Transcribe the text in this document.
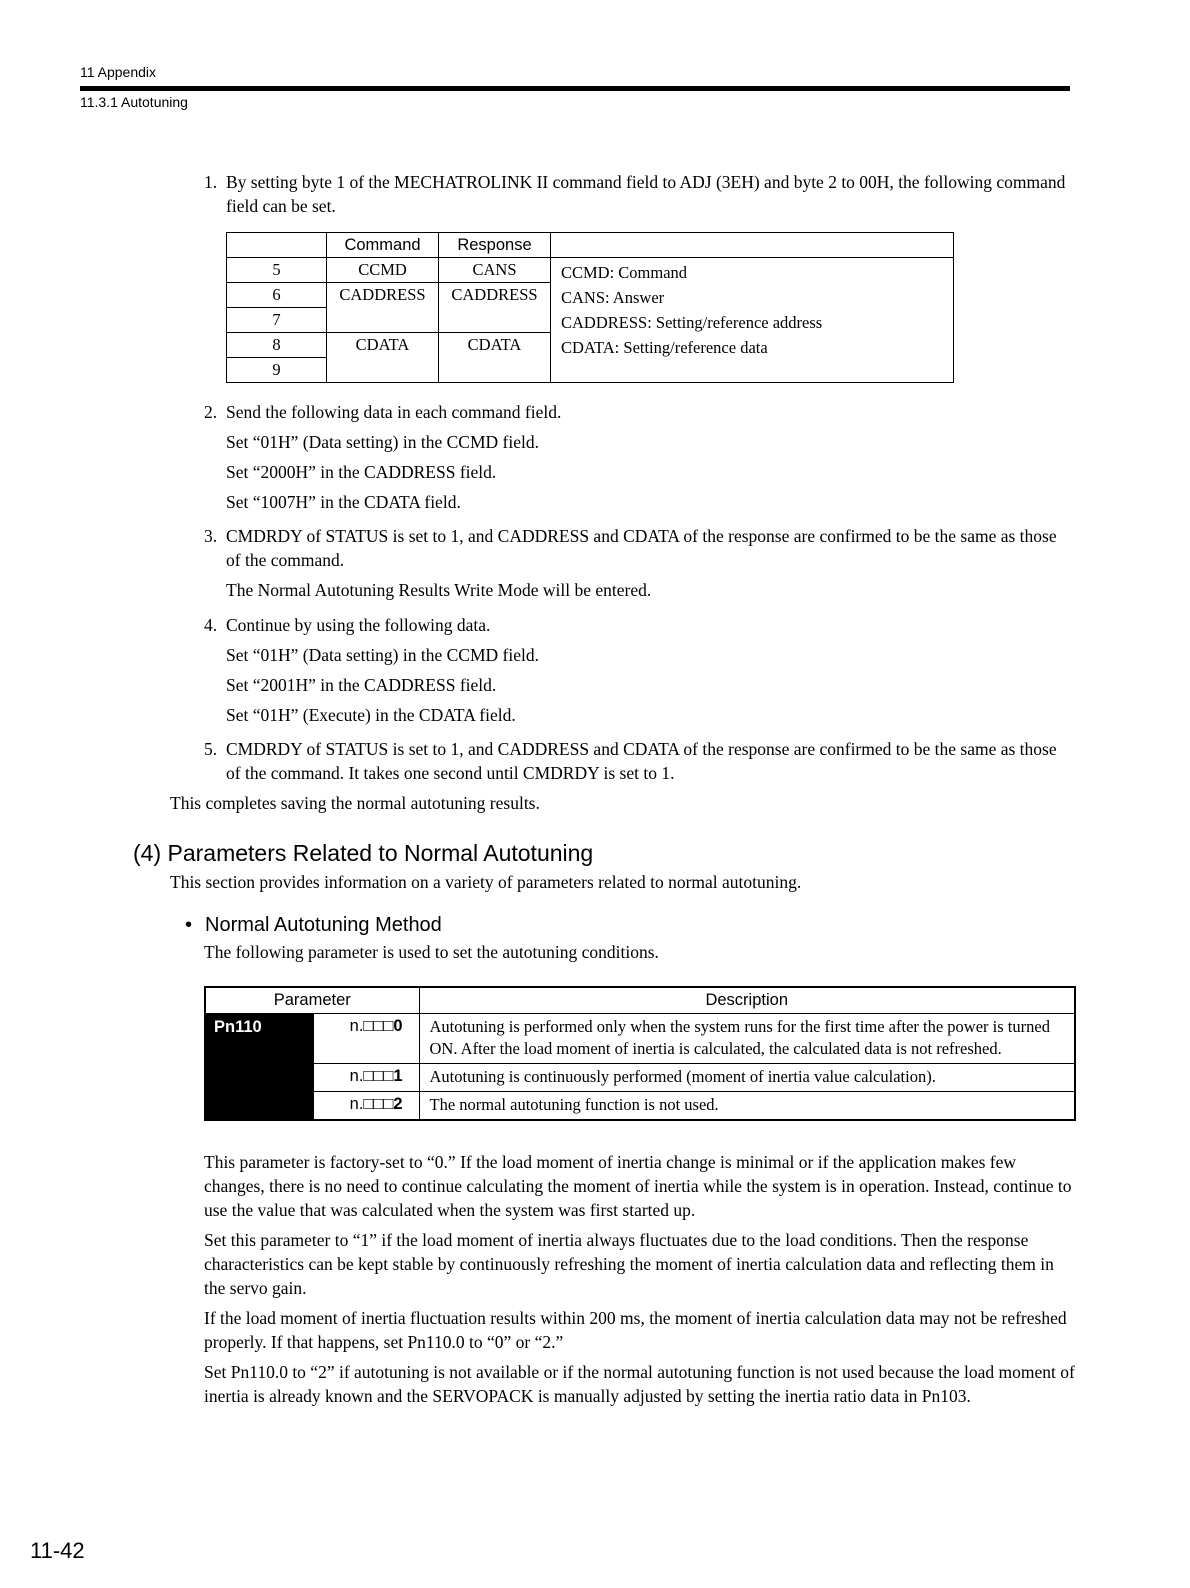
11 Appendix
11.3.1 Autotuning
1. By setting byte 1 of the MECHATROLINK II command field to ADJ (3EH) and byte 2 to 00H, the following command field can be set.
	Command	Response	
5	CCMD	CANS	CCMD: Command
CANS: Answer
CADDRESS: Setting/reference address
CDATA: Setting/reference data

6	CADDRESS	CADDRESS	
7			
8	CDATA	CDATA	
9			
2. Send the following data in each command field.
Set “01H” (Data setting) in the CCMD field.
Set “2000H” in the CADDRESS field.
Set “1007H” in the CDATA field.
3. CMDRDY of STATUS is set to 1, and CADDRESS and CDATA of the response are confirmed to be the same as those of the command.
The Normal Autotuning Results Write Mode will be entered.
4. Continue by using the following data.
Set “01H” (Data setting) in the CCMD field.
Set “2001H” in the CADDRESS field.
Set “01H” (Execute) in the CDATA field.
5. CMDRDY of STATUS is set to 1, and CADDRESS and CDATA of the response are confirmed to be the same as those of the command. It takes one second until CMDRDY is set to 1.
This completes saving the normal autotuning results.
(4) Parameters Related to Normal Autotuning
This section provides information on a variety of parameters related to normal autotuning.
• Normal Autotuning Method
The following parameter is used to set the autotuning conditions.
Parameter		Description
Pn110	n.□□□0	Autotuning is performed only when the system runs for the first time after the power is turned ON. After the load moment of inertia is calculated, the calculated data is not refreshed.
	n.□□□1	Autotuning is continuously performed (moment of inertia value calculation).
	n.□□□2	The normal autotuning function is not used.

This parameter is factory-set to “0.” If the load moment of inertia change is minimal or if the application makes few changes, there is no need to continue calculating the moment of inertia while the system is in operation. Instead, continue to use the value that was calculated when the system was first started up.

Set this parameter to “1” if the load moment of inertia always fluctuates due to the load conditions. Then the response characteristics can be kept stable by continuously refreshing the moment of inertia calculation data and reflecting them in the servo gain.

If the load moment of inertia fluctuation results within 200 ms, the moment of inertia calculation data may not be refreshed properly. If that happens, set Pn110.0 to “0” or “2.”

Set Pn110.0 to “2” if autotuning is not available or if the normal autotuning function is not used because the load moment of inertia is already known and the SERVOPACK is manually adjusted by setting the inertia ratio data in Pn103.

11-42
